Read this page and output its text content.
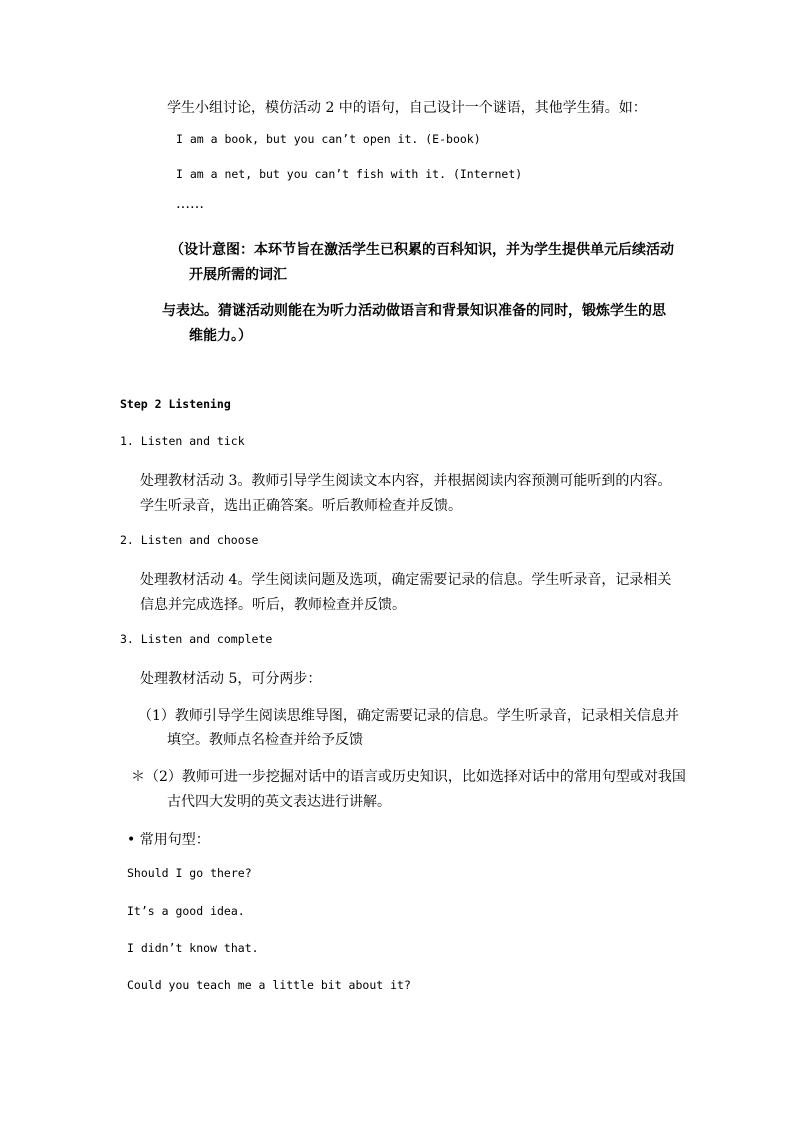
学生小组讨论，模仿活动 2 中的语句，自己设计一个谜语，其他学生猜。如：
I am a book, but you can’t open it. (E-book)
I am a net, but you can’t fish with it. (Internet)
……
（设计意图：本环节旨在激活学生已积累的百科知识，并为学生提供单元后续活动
开展所需的词汇
与表达。猜谜活动则能在为听力活动做语言和背景知识准备的同时，锻炼学生的思
维能力。）
Step 2 Listening
1. Listen and tick
处理教材活动 3。教师引导学生阅读文本内容，并根据阅读内容预测可能听到的内容。
学生听录音，选出正确答案。听后教师检查并反馈。
2. Listen and choose
处理教材活动 4。学生阅读问题及选项，确定需要记录的信息。学生听录音，记录相关
信息并完成选择。听后，教师检查并反馈。
3. Listen and complete
处理教材活动 5，可分两步：
（1）教师引导学生阅读思维导图，确定需要记录的信息。学生听录音，记录相关信息并
填空。教师点名检查并给予反馈
＊（2）教师可进一步挖掘对话中的语言或历史知识，比如选择对话中的常用句型或对我国
古代四大发明的英文表达进行讲解。
• 常用句型：
Should I go there?
It’s a good idea.
I didn’t know that.
Could you teach me a little bit about it?
